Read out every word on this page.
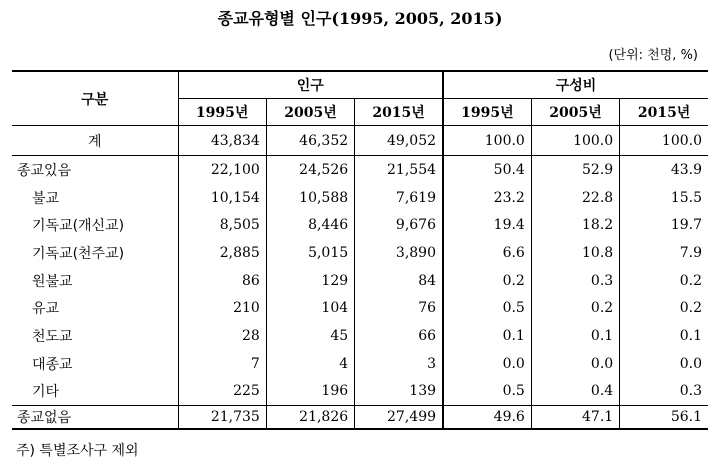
종교유형별 인구(1995, 2005, 2015)
(단위: 천명, %)
구분	인구			구성비		
	1995년	2005년	2015년	1995년	2005년	2015년
계	43,834	46,352	49,052	100.0	100.0	100.0
종교있음	22,100	24,526	21,554	50.4	52.9	43.9
불교	10,154	10,588	7,619	23.2	22.8	15.5
기독교(개신교)	8,505	8,446	9,676	19.4	18.2	19.7
기독교(천주교)	2,885	5,015	3,890	6.6	10.8	7.9
원불교	86	129	84	0.2	0.3	0.2
유교	210	104	76	0.5	0.2	0.2
천도교	28	45	66	0.1	0.1	0.1
대종교	7	4	3	0.0	0.0	0.0
기타	225	196	139	0.5	0.4	0.3
종교없음	21,735	21,826	27,499	49.6	47.1	56.1
주) 특별조사구 제외
